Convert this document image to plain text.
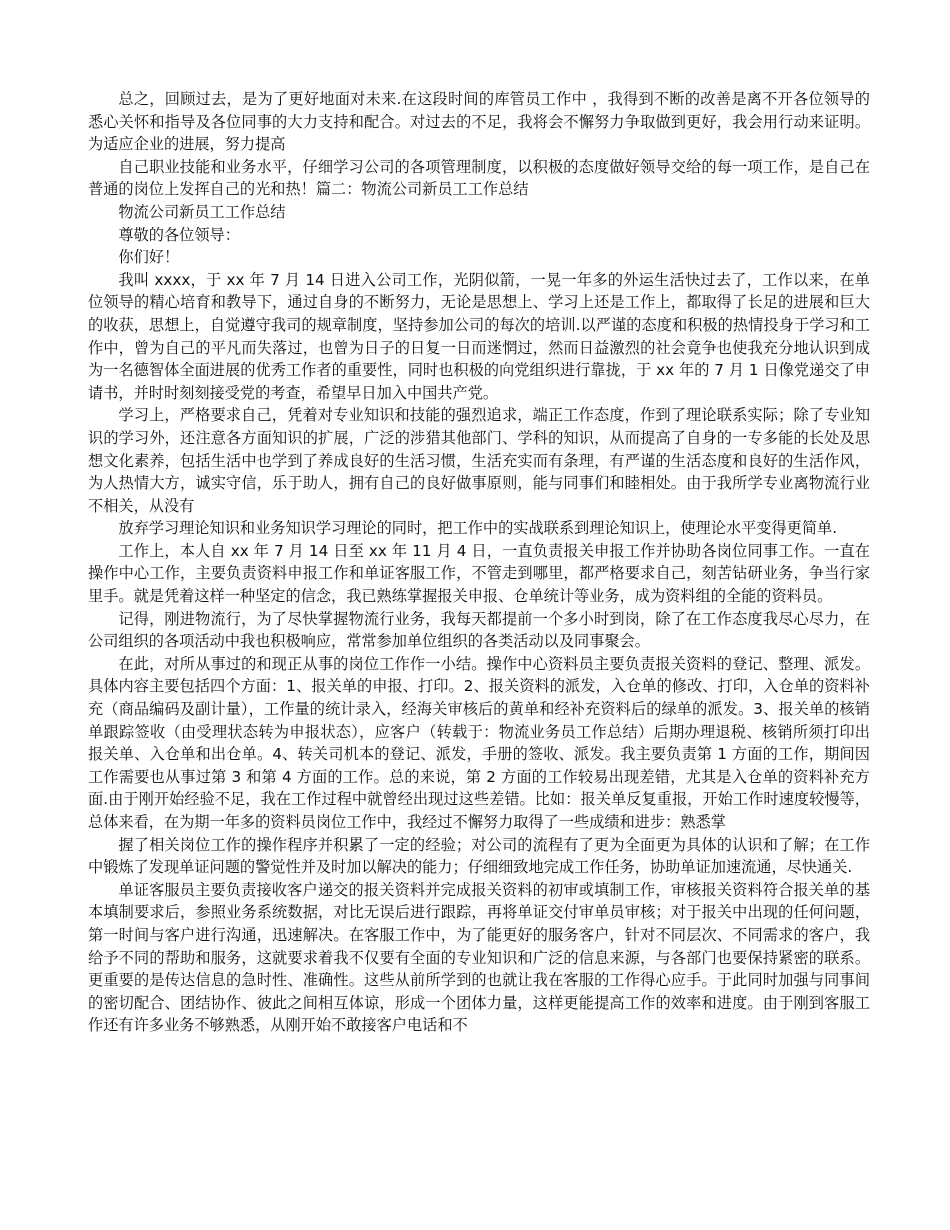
总之，回顾过去，是为了更好地面对未来.在这段时间的库管员工作中 ，我得到不断的改善是离不开各位领导的悉心关怀和指导及各位同事的大力支持和配合。对过去的不足，我将会不懈努力争取做到更好，我会用行动来证明。为适应企业的进展，努力提高

自己职业技能和业务水平，仔细学习公司的各项管理制度，以积极的态度做好领导交给的每一项工作，是自己在普通的岗位上发挥自己的光和热！篇二：物流公司新员工工作总结

物流公司新员工工作总结

尊敬的各位领导：

你们好！

我叫 xxxx，于 xx 年 7 月 14 日进入公司工作，光阴似箭，一晃一年多的外运生活快过去了，工作以来，在单位领导的精心培育和教导下，通过自身的不断努力，无论是思想上、学习上还是工作上，都取得了长足的进展和巨大的收获，思想上，自觉遵守我司的规章制度，坚持参加公司的每次的培训.以严谨的态度和积极的热情投身于学习和工作中，曾为自己的平凡而失落过，也曾为日子的日复一日而迷惘过，然而日益激烈的社会竟争也使我充分地认识到成为一名德智体全面进展的优秀工作者的重要性，同时也积极的向党组织进行靠拢，于 xx 年的 7 月 1 日像党递交了申请书，并时时刻刻接受党的考查，希望早日加入中国共产党。

学习上，严格要求自己，凭着对专业知识和技能的强烈追求，端正工作态度，作到了理论联系实际；除了专业知识的学习外，还注意各方面知识的扩展，广泛的涉猎其他部门、学科的知识，从而提高了自身的一专多能的长处及思想文化素养，包括生活中也学到了养成良好的生活习惯，生活充实而有条理，有严谨的生活态度和良好的生活作风，为人热情大方，诚实守信，乐于助人，拥有自己的良好做事原则，能与同事们和睦相处。由于我所学专业离物流行业不相关，从没有

放弃学习理论知识和业务知识学习理论的同时，把工作中的实战联系到理论知识上，使理论水平变得更简单.

工作上，本人自 xx 年 7 月 14 日至 xx 年 11 月 4 日，一直负责报关申报工作并协助各岗位同事工作。一直在操作中心工作，主要负责资料申报工作和单证客服工作，不管走到哪里，都严格要求自己，刻苦钻研业务，争当行家里手。就是凭着这样一种坚定的信念，我已熟练掌握报关申报、仓单统计等业务，成为资料组的全能的资料员。

记得，刚进物流行，为了尽快掌握物流行业务，我每天都提前一个多小时到岗，除了在工作态度我尽心尽力，在公司组织的各项活动中我也积极响应，常常参加单位组织的各类活动以及同事聚会。

在此，对所从事过的和现正从事的岗位工作作一小结。操作中心资料员主要负责报关资料的登记、整理、派发。具体内容主要包括四个方面：1、报关单的申报、打印。2、报关资料的派发，入仓单的修改、打印，入仓单的资料补充（商品编码及副计量），工作量的统计录入，经海关审核后的黄单和经补充资料后的绿单的派发。3、报关单的核销单跟踪签收（由受理状态转为申报状态），应客户（转载于：物流业务员工作总结）后期办理退税、核销所须打印出报关单、入仓单和出仓单。4、转关司机本的登记、派发，手册的签收、派发。我主要负责第 1 方面的工作，期间因工作需要也从事过第 3 和第 4 方面的工作。总的来说，第 2 方面的工作较易出现差错，尤其是入仓单的资料补充方面.由于刚开始经验不足，我在工作过程中就曾经出现过这些差错。比如：报关单反复重报，开始工作时速度较慢等，总体来看，在为期一年多的资料员岗位工作中，我经过不懈努力取得了一些成绩和进步：熟悉掌

握了相关岗位工作的操作程序并积累了一定的经验；对公司的流程有了更为全面更为具体的认识和了解；在工作中锻炼了发现单证问题的警觉性并及时加以解决的能力；仔细细致地完成工作任务，协助单证加速流通，尽快通关.

单证客服员主要负责接收客户递交的报关资料并完成报关资料的初审或填制工作，审核报关资料符合报关单的基本填制要求后，参照业务系统数据，对比无误后进行跟踪，再将单证交付审单员审核；对于报关中出现的任何问题，第一时间与客户进行沟通，迅速解决。在客服工作中，为了能更好的服务客户，针对不同层次、不同需求的客户，我给予不同的帮助和服务，这就要求着我不仅要有全面的专业知识和广泛的信息来源，与各部门也要保持紧密的联系。更重要的是传达信息的急时性、准确性。这些从前所学到的也就让我在客服的工作得心应手。于此同时加强与同事间的密切配合、团结协作、彼此之间相互体谅，形成一个团体力量，这样更能提高工作的效率和进度。由于刚到客服工作还有许多业务不够熟悉，从刚开始不敢接客户电话和不
